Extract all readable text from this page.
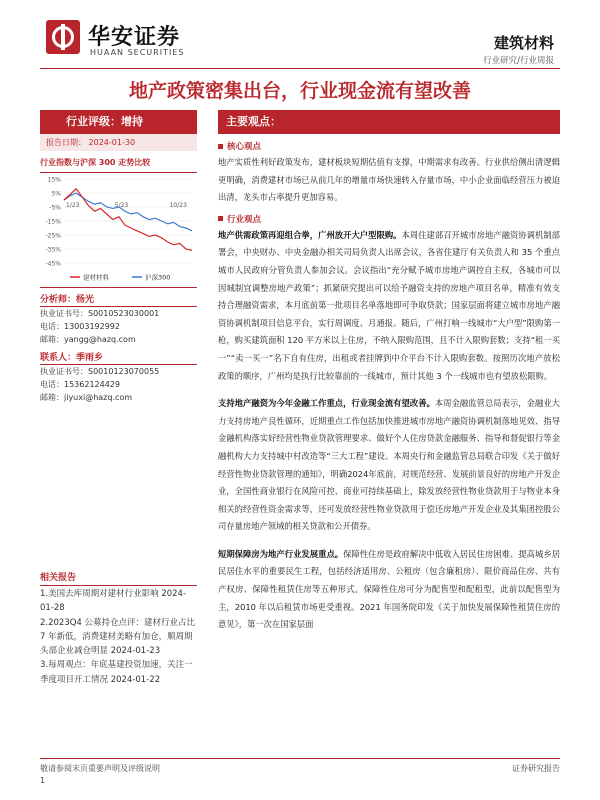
华安证券
HUAAN SECURITIES
建筑材料
行业研究/行业周报
地产政策密集出台，行业现金流有望改善
行业评级：增持
报告日期： 2024-01-30
行业指数与沪深 300 走势比较
15%
5%
-5%
-15%
-25%
-35%
-45%
1/23	5/23	10/23
建材材料	沪深300
分析师：杨光
执业证书号：S0010523030001
电话：13003192992
邮箱：yangg@hazq.com
联系人：季雨乡
执业证书号：S0010123070055
电话：15362124429
邮箱：jiyuxi@hazq.com
相关报告
1.美国去库周期对建材行业影响 2024-01-28
2.2023Q4 公募持仓点评：建材行业占比 7 年新低，消费建材美略有加仓，顺周期头部企业减仓明显 2024-01-23
3.每周观点：年底基建投资加速，关注一季度项目开工情况 2024-01-22
主要观点：
核心观点
地产实质性利好政策发布，建材板块短期估值有支撑，中期需求有改善。行业供给侧出清逻辑更明确，消费建材市场已从前几年的增量市场快速转入存量市场，中小企业面临经营压力被迫出清，龙头市占率提升更加容易。
行业观点
地产供需政策再迎组合拳，广州放开大户型限购。本周住建部召开城市房地产融资协调机制部署会，中央财办、中央金融办相关司局负责人出席会议，各省住建厅有关负责人和 35 个重点城市人民政府分管负责人参加会议。会议指出“充分赋予城市房地产调控自主权，各城市可以因城制宜调整房地产政策”；抓紧研究提出可以给予融资支持的房地产项目名单，精准有效支持合理融资需求，本月底前第一批项目名单落地即可争取贷款；国家层面将建立城市房地产融资协调机制项目信息平台，实行周调度、月通报。随后，广州打响一线城市“大户型”限购第一枪，购买建筑面积 120 平方米以上住房，不纳入限购范围，且不计入限购套数；支持“租一买一”“卖一买一”名下自有住房，出租或者挂牌到中介平台不计入限购套数。按照历次地产放松政策的顺序，广州均是执行比较靠前的一线城市，预计其他 3 个一线城市也有望放松限购。
支持地产融资为今年金融工作重点，行业现金流有望改善。本周金融监管总局表示，金融业大力支持房地产良性循环，近期重点工作包括加快推进城市房地产融资协调机制落地见效、指导金融机构落实好经营性物业贷款管理要求、做好个人住房贷款金融服务、指导和督促银行等金融机构大力支持城中村改造等“三大工程”建设。本周央行和金融监管总局联合印发《关于做好经营性物业贷款管理的通知》，明确2024年底前，对规范经营、发展前景良好的房地产开发企业，全国性商业银行在风险可控、商业可持续基础上，除发放经营性物业贷款用于与物业本身相关的经营性资金需求等，还可发放经营性物业贷款用于偿还房地产开发企业及其集团控股公司存量房地产领域的相关贷款和公开债券。
短期保障房为地产行业发展重点。保障性住房是政府解决中低收入居民住房困难、提高城乡居民居住水平的重要民生工程，包括经济适用房、公租房（包含廉租房）、限价商品住房、共有产权房、保障性租赁住房等五种形式。保障性住房可分为配售型和配租型，此前以配售型为主，2010 年以后租赁市场更受重视。2021 年国务院印发《关于加快发展保障性租赁住房的意见》，第一次在国家层面
敬请参阅末页重要声明及评级说明
1
证券研究报告
